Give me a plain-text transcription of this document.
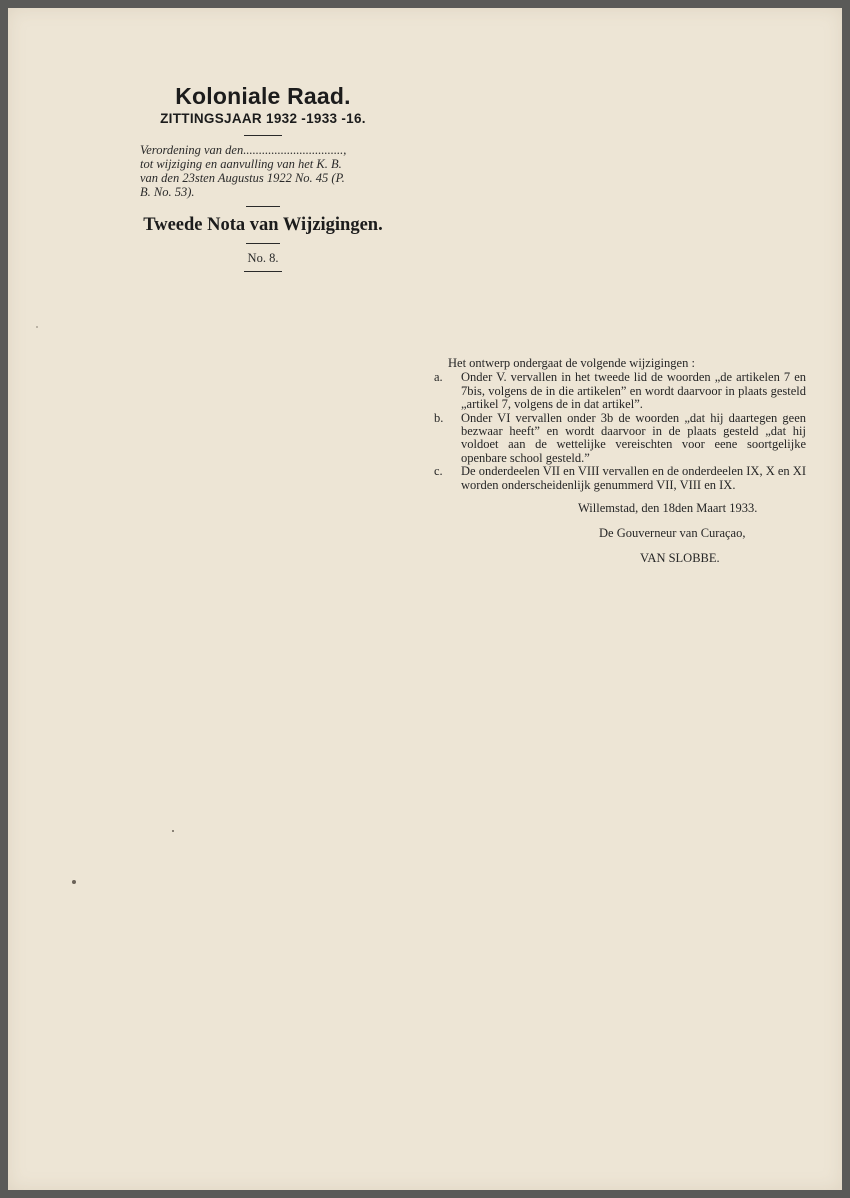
Koloniale Raad.

ZITTINGSJAAR 1932 -1933 -16.

Verordening van den................................,
tot wijziging en aanvulling van het K. B.
van den 23sten Augustus 1922 No. 45 (P.
B. No. 53).
Tweede Nota van Wijzigingen.

No. 8.

Het ontwerp ondergaat de volgende wijzigingen :

a. Onder V. vervallen in het tweede lid de woorden „de artikelen 7 en 7bis, volgens de in die artikelen” en wordt daarvoor in plaats gesteld „artikel 7, volgens de in dat artikel”.
b. Onder VI vervallen onder 3b de woorden „dat hij daartegen geen bezwaar heeft” en wordt daarvoor in de plaats gesteld „dat hij voldoet aan de wettelijke vereischten voor eene soortgelijke openbare school gesteld.”
c. De onderdeelen VII en VIII vervallen en de onderdeelen IX, X en XI worden onderscheidenlijk genummerd VII, VIII en IX.

Willemstad, den 18den Maart 1933.

De Gouverneur van Curaçao,

VAN SLOBBE.
